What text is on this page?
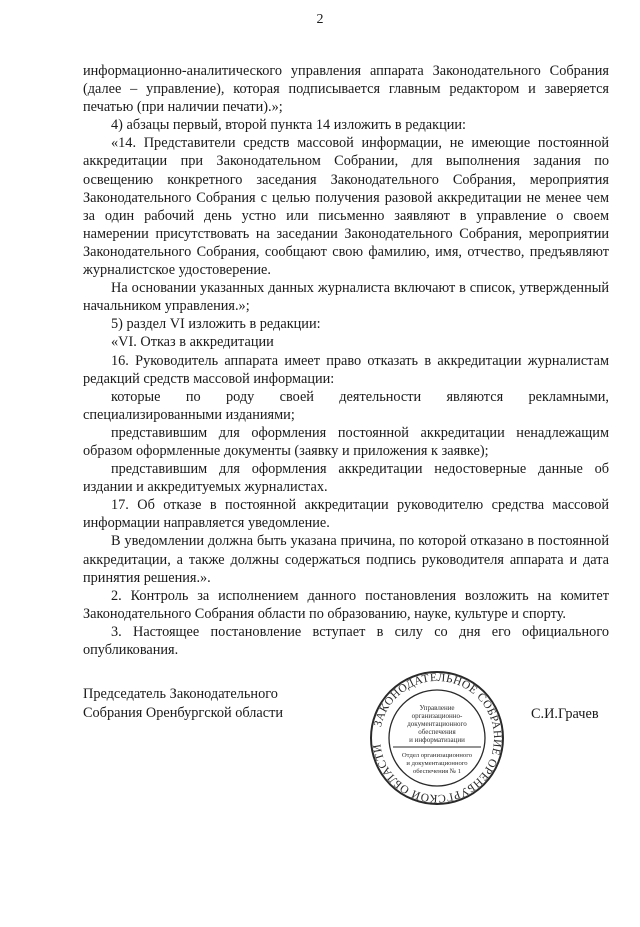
2

информационно-аналитического управления аппарата Законодательного Собрания (далее – управление), которая подписывается главным редактором и заверяется печатью (при наличии печати).»;

4) абзацы первый, второй пункта 14 изложить в редакции:

«14. Представители средств массовой информации, не имеющие постоянной аккредитации при Законодательном Собрании, для выполнения задания по освещению конкретного заседания Законодательного Собрания, мероприятия Законодательного Собрания с целью получения разовой аккредитации не менее чем за один рабочий день устно или письменно заявляют в управление о своем намерении присутствовать на заседании Законодательного Собрания, мероприятии Законодательного Собрания, сообщают свою фамилию, имя, отчество, предъявляют журналистское удостоверение.

На основании указанных данных журналиста включают в список, утвержденный начальником управления.»;

5) раздел VI изложить в редакции:

«VI. Отказ в аккредитации

16. Руководитель аппарата имеет право отказать в аккредитации журналистам редакций средств массовой информации:

которые по роду своей деятельности являются рекламными, специализированными изданиями;

представившим для оформления постоянной аккредитации ненадлежащим образом оформленные документы (заявку и приложения к заявке);

представившим для оформления аккредитации недостоверные данные об издании и аккредитуемых журналистах.

17. Об отказе в постоянной аккредитации руководителю средства массовой информации направляется уведомление.

В уведомлении должна быть указана причина, по которой отказано в постоянной аккредитации, а также должны содержаться подпись руководителя аппарата и дата принятия решения.».

2. Контроль за исполнением данного постановления возложить на комитет Законодательного Собрания области по образованию, науке, культуре и спорту.

3. Настоящее постановление вступает в силу со дня его официального опубликования.

Председатель Законодательного
Собрания Оренбургской области
ЗАКОНОДАТЕЛЬНОЕ СОБРАНИЕ ОРЕНБУРГСКОЙ ОБЛАСТИ
Управление
организационно-
документационного
обеспечения
и информатизации
Отдел организационного
и документационного
обеспечения № 1
С.И.Грачев
